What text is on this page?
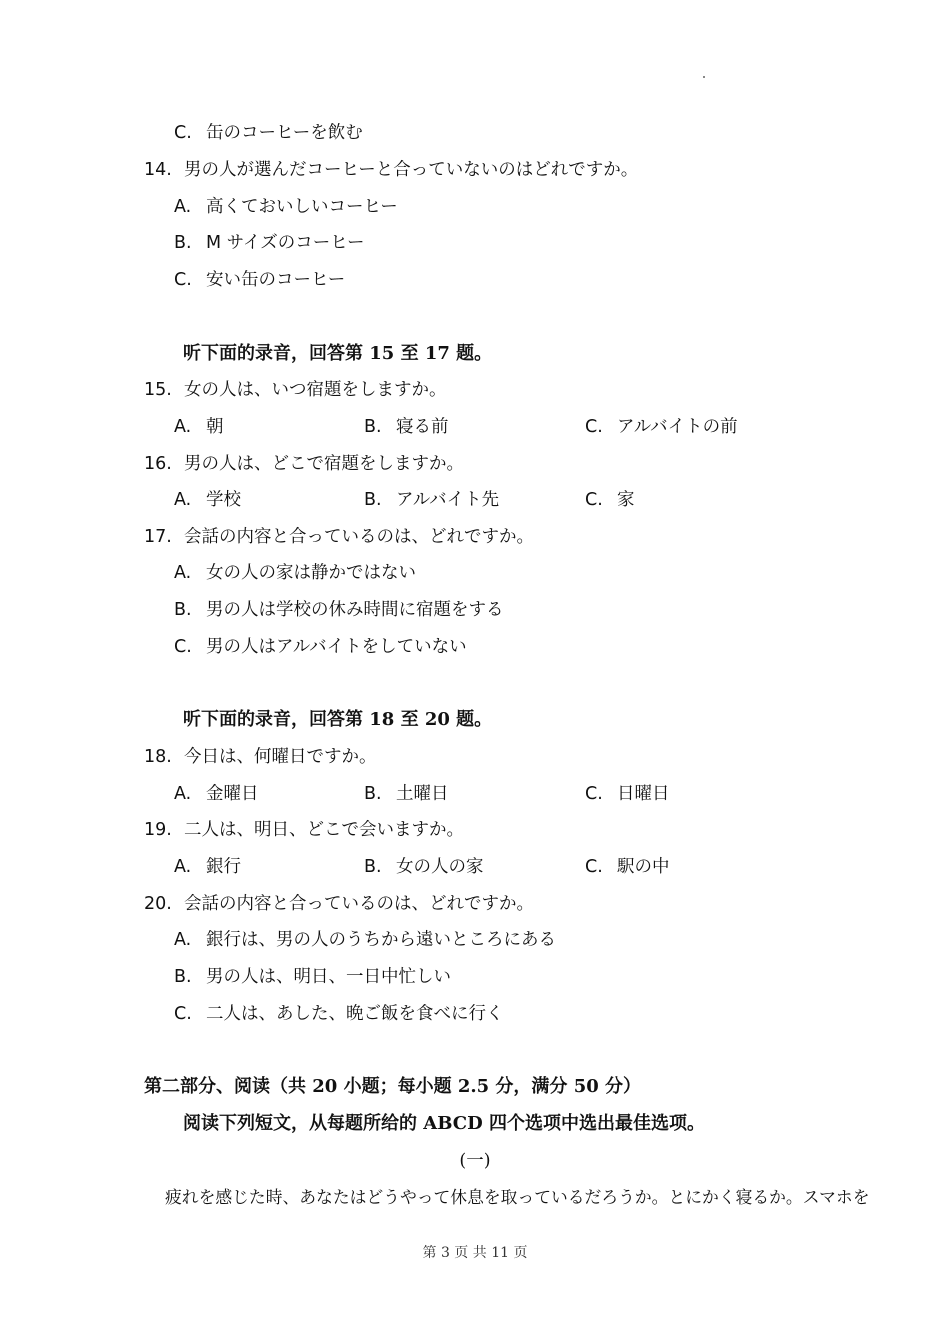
C. 缶のコーヒーを飲む
14. 男の人が選んだコーヒーと合っていないのはどれですか。
A. 高くておいしいコーヒー
B. M サイズのコーヒー
C. 安い缶のコーヒー
听下面的录音，回答第 15 至 17 题。
15. 女の人は、いつ宿題をしますか。
A. 朝	B. 寝る前	C. アルバイトの前
16. 男の人は、どこで宿題をしますか。
A. 学校	B. アルバイト先	C. 家
17. 会話の内容と合っているのは、どれですか。
A. 女の人の家は静かではない
B. 男の人は学校の休み時間に宿題をする
C. 男の人はアルバイトをしていない
听下面的录音，回答第 18 至 20 题。
18. 今日は、何曜日ですか。
A. 金曜日	B. 土曜日	C. 日曜日
19. 二人は、明日、どこで会いますか。
A. 銀行	B. 女の人の家	C. 駅の中
20. 会話の内容と合っているのは、どれですか。
A. 銀行は、男の人のうちから遠いところにある
B. 男の人は、明日、一日中忙しい
C. 二人は、あした、晩ご飯を食べに行く
第二部分、阅读（共 20 小题；每小题 2.5 分，满分 50 分）
阅读下列短文，从每题所给的 ABCD 四个选项中选出最佳选项。
(一)
疲れを感じた時、あなたはどうやって休息を取っているだろうか。とにかく寝るか。スマホを
第 3 页 共 11 页
